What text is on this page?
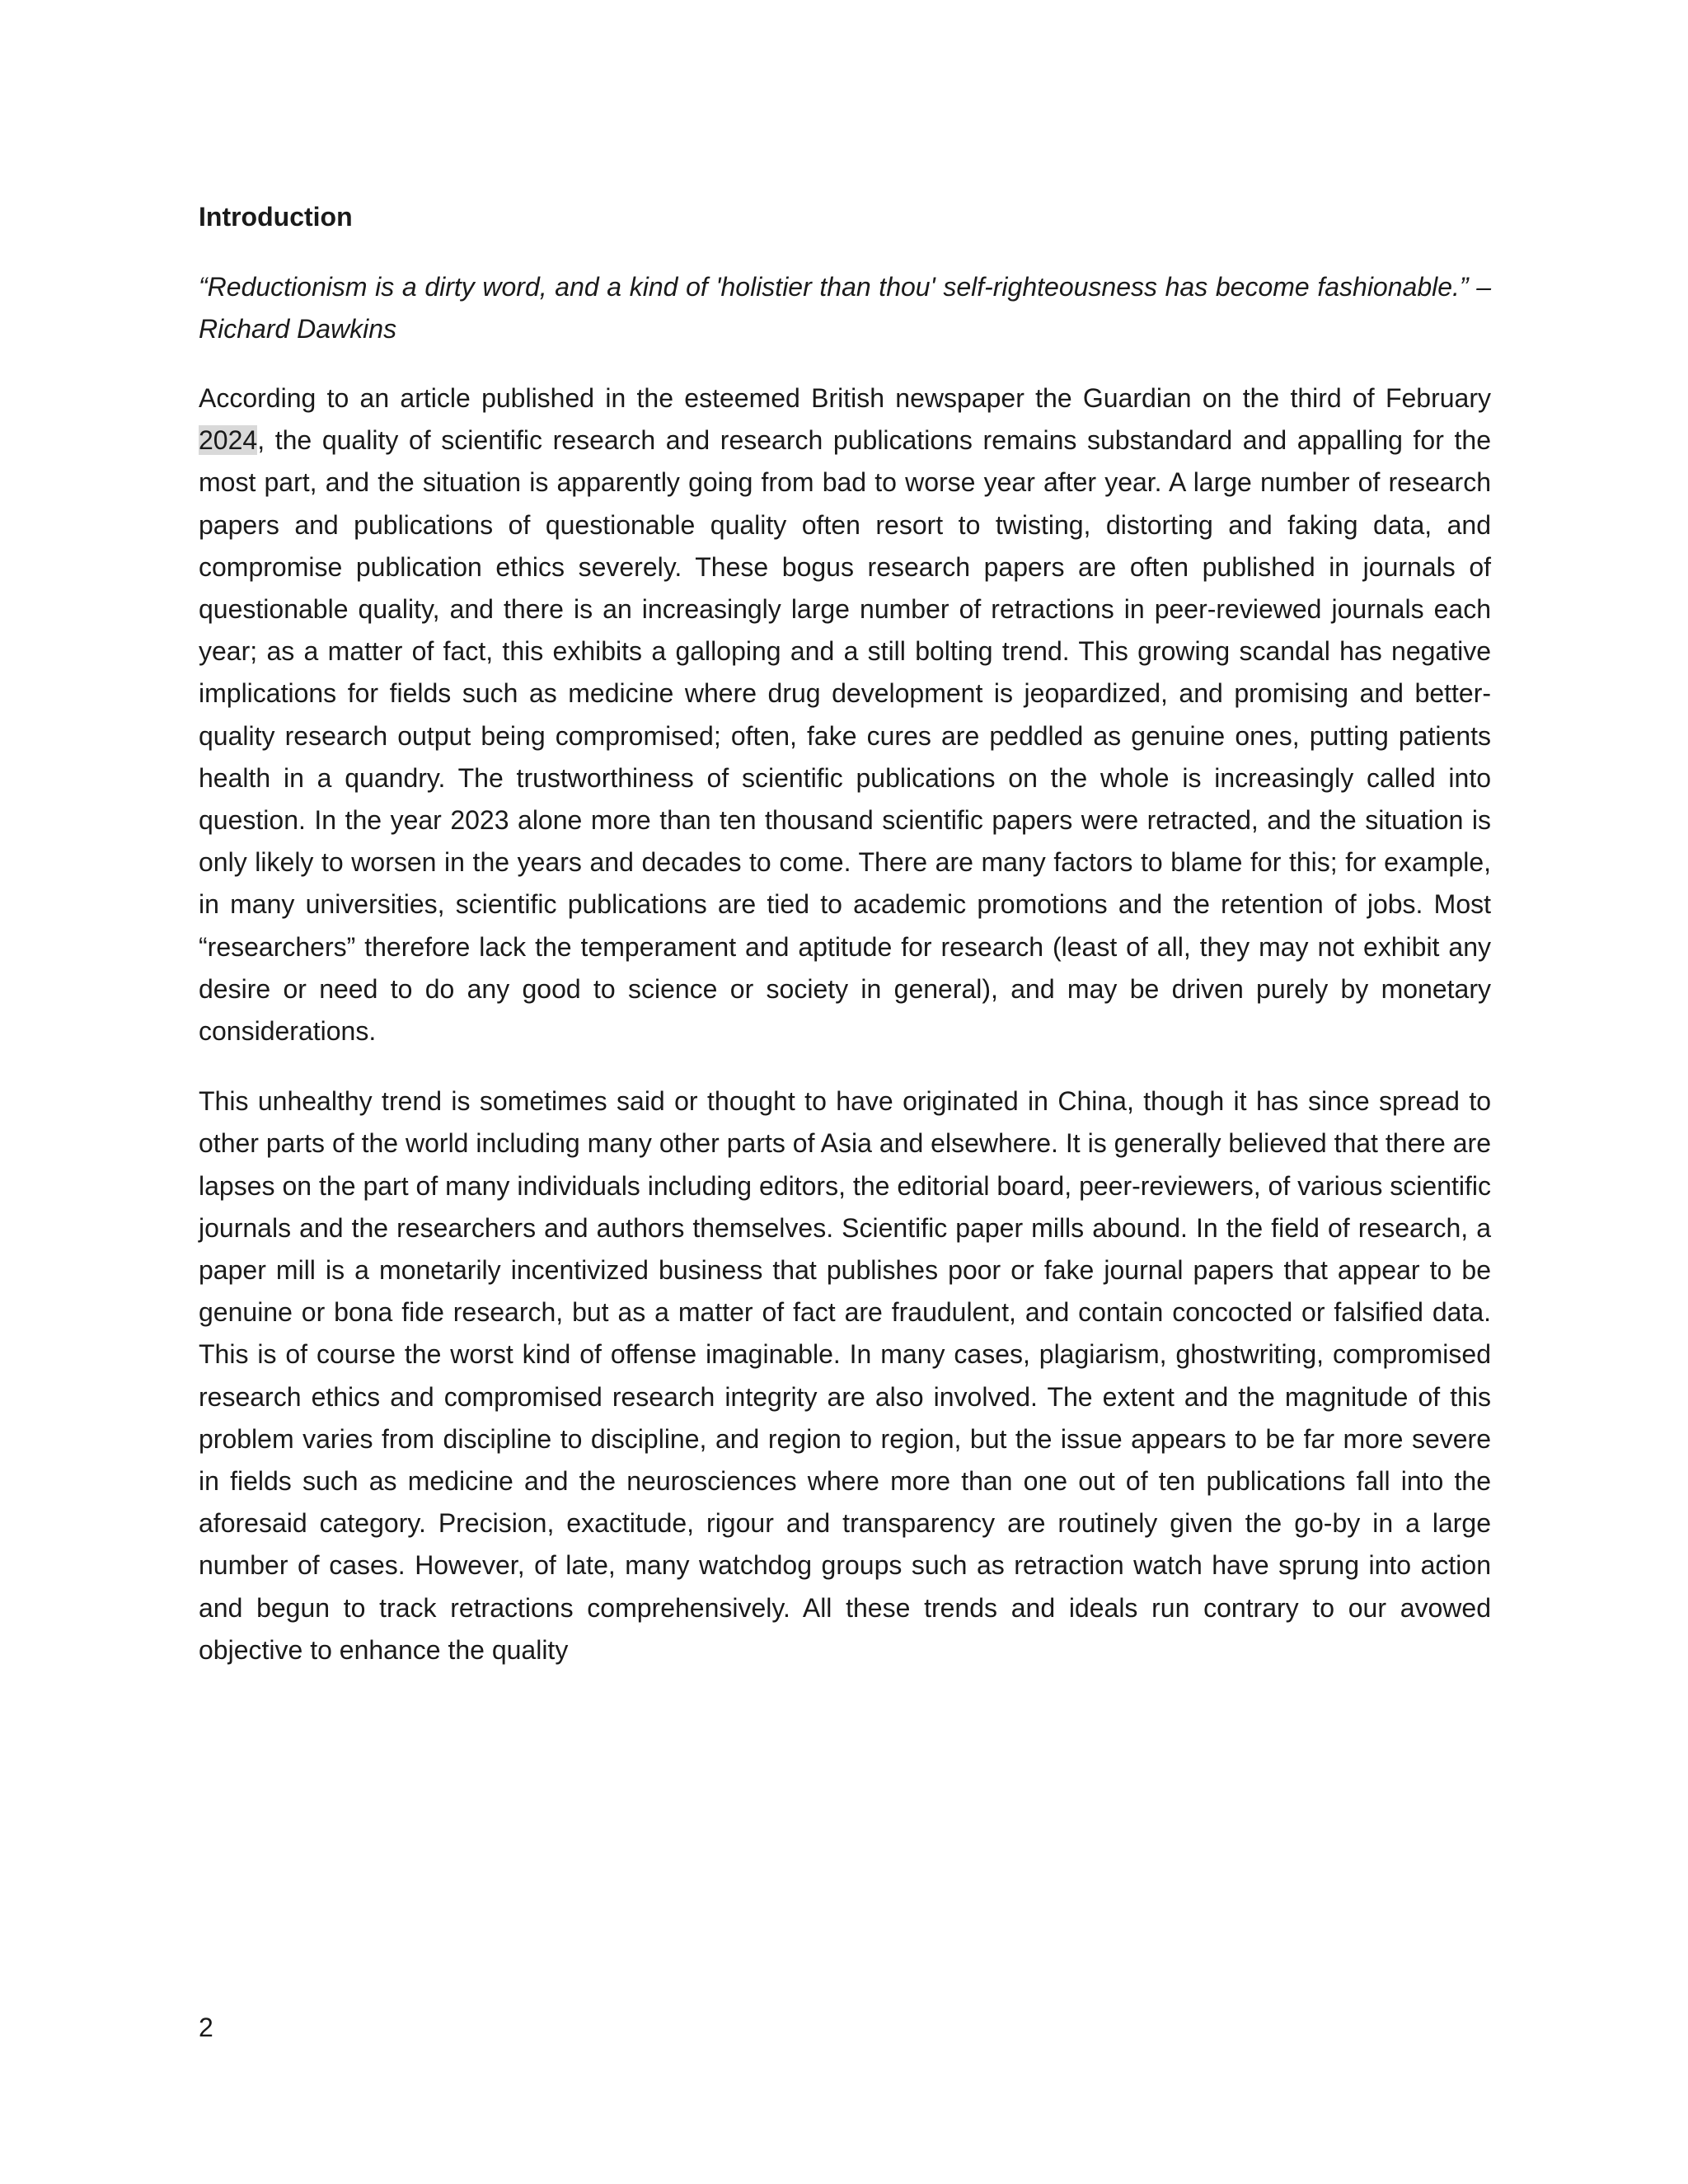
Introduction

“Reductionism is a dirty word, and a kind of 'holistier than thou' self-righteousness has become fashionable.” – Richard Dawkins

According to an article published in the esteemed British newspaper the Guardian on the third of February 2024, the quality of scientific research and research publications remains substandard and appalling for the most part, and the situation is apparently going from bad to worse year after year. A large number of research papers and publications of questionable quality often resort to twisting, distorting and faking data, and compromise publication ethics severely. These bogus research papers are often published in journals of questionable quality, and there is an increasingly large number of retractions in peer-reviewed journals each year; as a matter of fact, this exhibits a galloping and a still bolting trend. This growing scandal has negative implications for fields such as medicine where drug development is jeopardized, and promising and better-quality research output being compromised; often, fake cures are peddled as genuine ones, putting patients health in a quandry. The trustworthiness of scientific publications on the whole is increasingly called into question. In the year 2023 alone more than ten thousand scientific papers were retracted, and the situation is only likely to worsen in the years and decades to come. There are many factors to blame for this; for example, in many universities, scientific publications are tied to academic promotions and the retention of jobs. Most “researchers” therefore lack the temperament and aptitude for research (least of all, they may not exhibit any desire or need to do any good to science or society in general), and may be driven purely by monetary considerations.

This unhealthy trend is sometimes said or thought to have originated in China, though it has since spread to other parts of the world including many other parts of Asia and elsewhere. It is generally believed that there are lapses on the part of many individuals including editors, the editorial board, peer-reviewers, of various scientific journals and the researchers and authors themselves. Scientific paper mills abound. In the field of research, a paper mill is a monetarily incentivized business that publishes poor or fake journal papers that appear to be genuine or bona fide research, but as a matter of fact are fraudulent, and contain concocted or falsified data. This is of course the worst kind of offense imaginable. In many cases, plagiarism, ghostwriting, compromised research ethics and compromised research integrity are also involved. The extent and the magnitude of this problem varies from discipline to discipline, and region to region, but the issue appears to be far more severe in fields such as medicine and the neurosciences where more than one out of ten publications fall into the aforesaid category. Precision, exactitude, rigour and transparency are routinely given the go-by in a large number of cases. However, of late, many watchdog groups such as retraction watch have sprung into action and begun to track retractions comprehensively. All these trends and ideals run contrary to our avowed objective to enhance the quality

2
